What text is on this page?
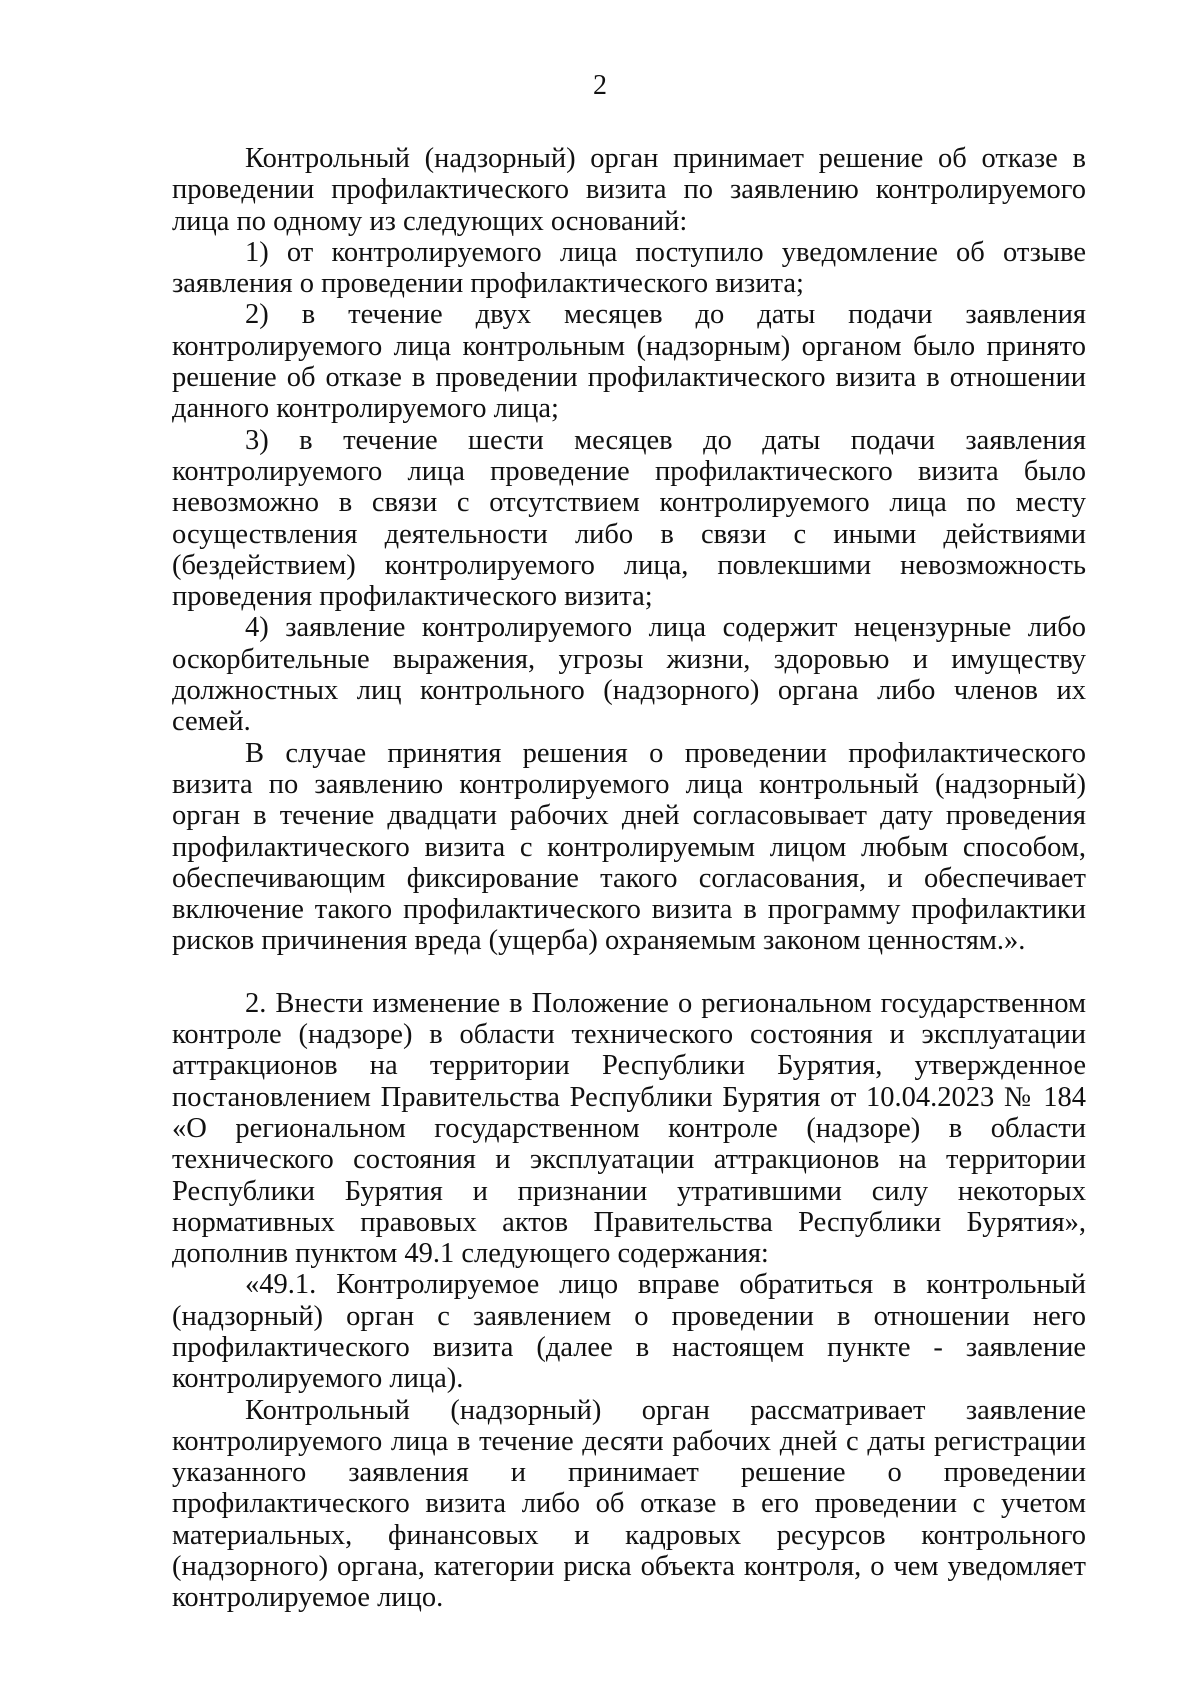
2

Контрольный (надзорный) орган принимает решение об отказе в проведении профилактического визита по заявлению контролируемого лица по одному из следующих оснований:

1) от контролируемого лица поступило уведомление об отзыве заявления о проведении профилактического визита;

2) в течение двух месяцев до даты подачи заявления контролируемого лица контрольным (надзорным) органом было принято решение об отказе в проведении профилактического визита в отношении данного контролируемого лица;

3) в течение шести месяцев до даты подачи заявления контролируемого лица проведение профилактического визита было невозможно в связи с отсутствием контролируемого лица по месту осуществления деятельности либо в связи с иными действиями (бездействием) контролируемого лица, повлекшими невозможность проведения профилактического визита;

4) заявление контролируемого лица содержит нецензурные либо оскорбительные выражения, угрозы жизни, здоровью и имуществу должностных лиц контрольного (надзорного) органа либо членов их семей.

В случае принятия решения о проведении профилактического визита по заявлению контролируемого лица контрольный (надзорный) орган в течение двадцати рабочих дней согласовывает дату проведения профилактического визита с контролируемым лицом любым способом, обеспечивающим фиксирование такого согласования, и обеспечивает включение такого профилактического визита в программу профилактики рисков причинения вреда (ущерба) охраняемым законом ценностям.».

2. Внести изменение в Положение о региональном государственном контроле (надзоре) в области технического состояния и эксплуатации аттракционов на территории Республики Бурятия, утвержденное постановлением Правительства Республики Бурятия от 10.04.2023 № 184 «О региональном государственном контроле (надзоре) в области технического состояния и эксплуатации аттракционов на территории Республики Бурятия и признании утратившими силу некоторых нормативных правовых актов Правительства Республики Бурятия», дополнив пунктом 49.1 следующего содержания:

«49.1. Контролируемое лицо вправе обратиться в контрольный (надзорный) орган с заявлением о проведении в отношении него профилактического визита (далее в настоящем пункте - заявление контролируемого лица).

Контрольный (надзорный) орган рассматривает заявление контролируемого лица в течение десяти рабочих дней с даты регистрации указанного заявления и принимает решение о проведении профилактического визита либо об отказе в его проведении с учетом материальных, финансовых и кадровых ресурсов контрольного (надзорного) органа, категории риска объекта контроля, о чем уведомляет контролируемое лицо.
